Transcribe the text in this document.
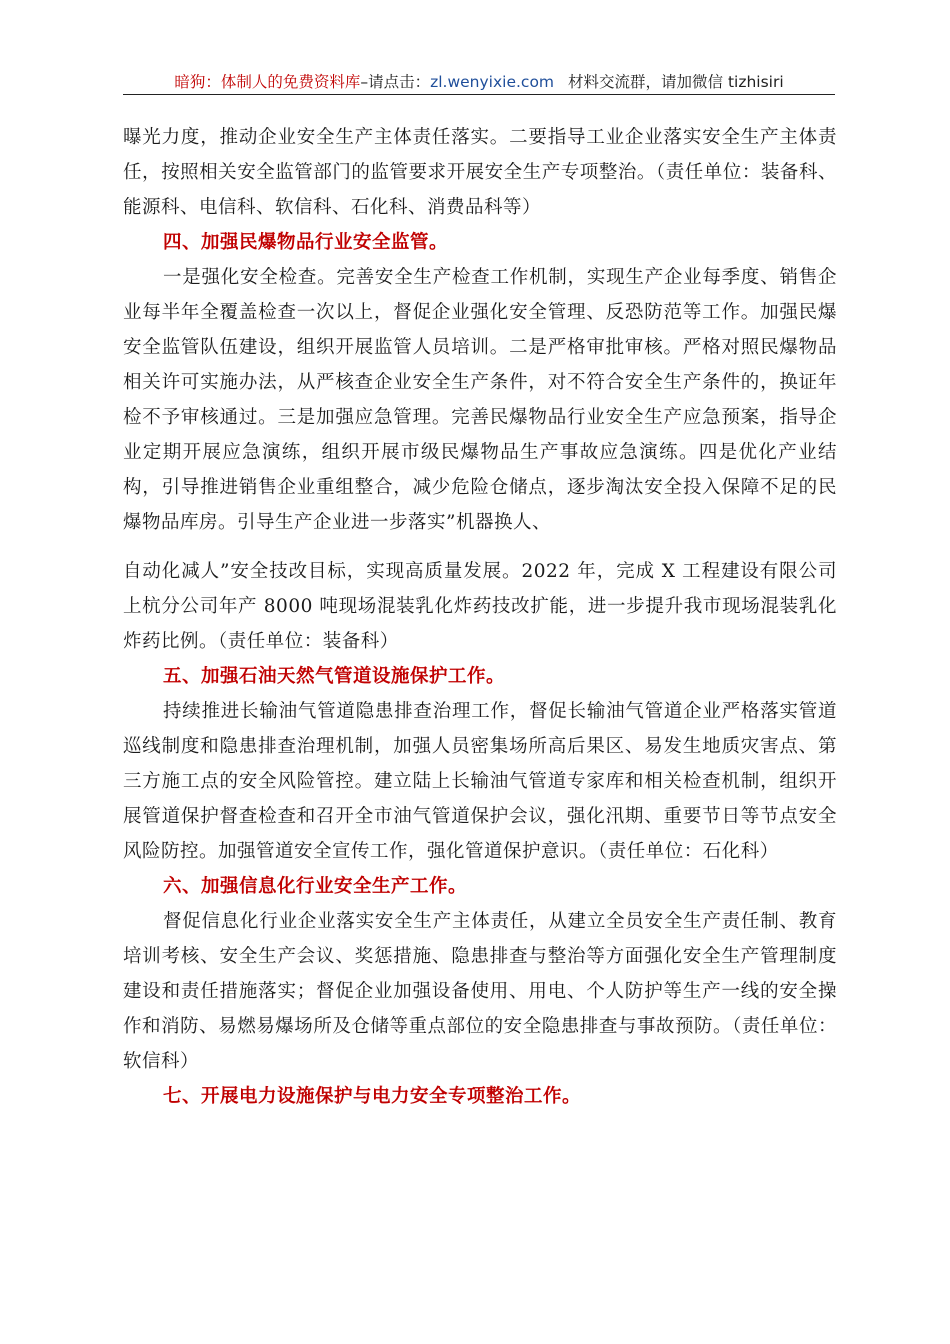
暗狗：体制人的免费资料库–请点击：zl.wenyixie.com 材料交流群，请加微信 tizhisiri

曝光力度，推动企业安全生产主体责任落实。二要指导工业企业落实安全生产主体责任，按照相关安全监管部门的监管要求开展安全生产专项整治。（责任单位：装备科、能源科、电信科、软信科、石化科、消费品科等）

四、加强民爆物品行业安全监管。

一是强化安全检查。完善安全生产检查工作机制，实现生产企业每季度、销售企业每半年全覆盖检查一次以上，督促企业强化安全管理、反恐防范等工作。加强民爆安全监管队伍建设，组织开展监管人员培训。二是严格审批审核。严格对照民爆物品相关许可实施办法，从严核查企业安全生产条件，对不符合安全生产条件的，换证年检不予审核通过。三是加强应急管理。完善民爆物品行业安全生产应急预案，指导企业定期开展应急演练，组织开展市级民爆物品生产事故应急演练。四是优化产业结构，引导推进销售企业重组整合，减少危险仓储点，逐步淘汰安全投入保障不足的民爆物品库房。引导生产企业进一步落实”机器换人、

自动化减人”安全技改目标，实现高质量发展。2022 年，完成 X 工程建设有限公司上杭分公司年产 8000 吨现场混装乳化炸药技改扩能，进一步提升我市现场混装乳化炸药比例。（责任单位：装备科）

五、加强石油天然气管道设施保护工作。

持续推进长输油气管道隐患排查治理工作，督促长输油气管道企业严格落实管道巡线制度和隐患排查治理机制，加强人员密集场所高后果区、易发生地质灾害点、第三方施工点的安全风险管控。建立陆上长输油气管道专家库和相关检查机制，组织开展管道保护督查检查和召开全市油气管道保护会议，强化汛期、重要节日等节点安全风险防控。加强管道安全宣传工作，强化管道保护意识。（责任单位：石化科）

六、加强信息化行业安全生产工作。

督促信息化行业企业落实安全生产主体责任，从建立全员安全生产责任制、教育培训考核、安全生产会议、奖惩措施、隐患排查与整治等方面强化安全生产管理制度建设和责任措施落实；督促企业加强设备使用、用电、个人防护等生产一线的安全操作和消防、易燃易爆场所及仓储等重点部位的安全隐患排查与事故预防。（责任单位：软信科）

七、开展电力设施保护与电力安全专项整治工作。
